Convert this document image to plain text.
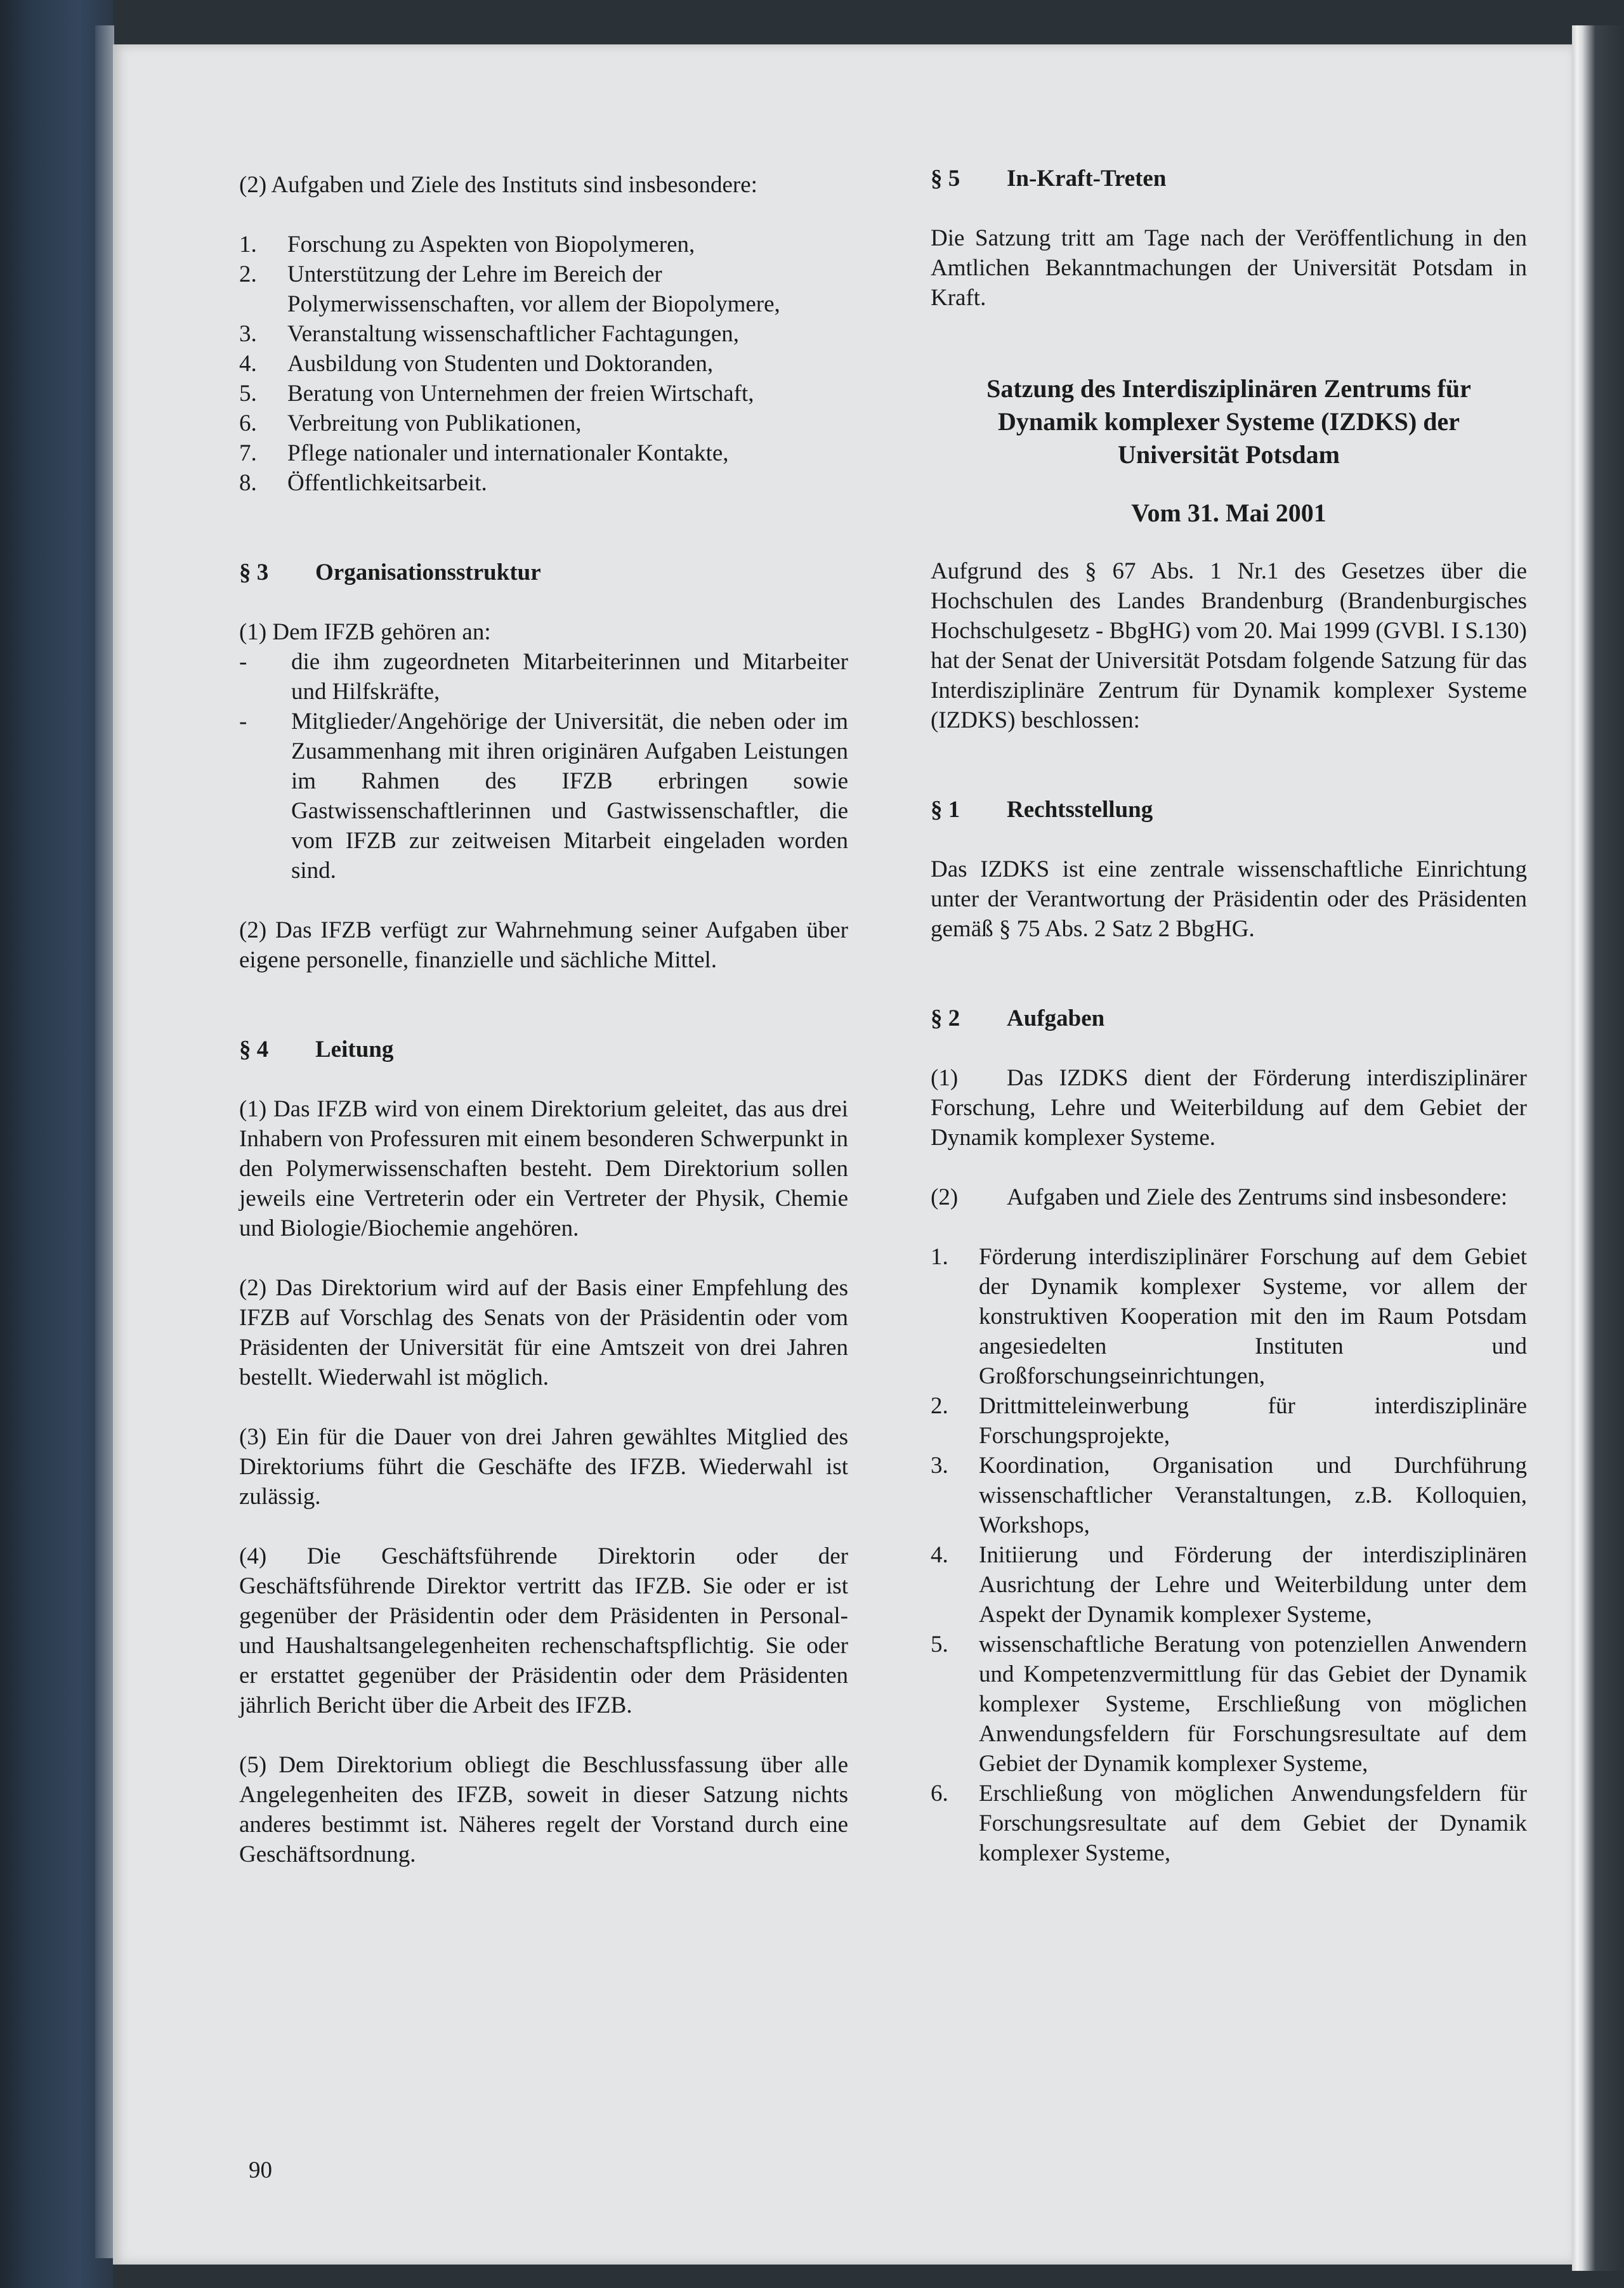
(2) Aufgaben und Ziele des Instituts sind insbesondere:

1.	Forschung zu Aspekten von Biopolymeren,
2.	Unterstützung der Lehre im Bereich der Polymerwissenschaften, vor allem der Biopolymere,
3.	Veranstaltung wissenschaftlicher Fachtagungen,
4.	Ausbildung von Studenten und Doktoranden,
5.	Beratung von Unternehmen der freien Wirtschaft,
6.	Verbreitung von Publikationen,
7.	Pflege nationaler und internationaler Kontakte,
8.	Öffentlichkeitsarbeit.
§ 3	Organisationsstruktur

(1) Dem IFZB gehören an:

-	die ihm zugeordneten Mitarbeiterinnen und Mitarbeiter und Hilfskräfte,
-	Mitglieder/Angehörige der Universität, die neben oder im Zusammenhang mit ihren originären Aufgaben Leistungen im Rahmen des IFZB erbringen sowie Gastwissenschaftlerinnen und Gastwissenschaftler, die vom IFZB zur zeitweisen Mitarbeit eingeladen worden sind.

(2) Das IFZB verfügt zur Wahrnehmung seiner Aufgaben über eigene personelle, finanzielle und sächliche Mittel.

§ 4	Leitung

(1) Das IFZB wird von einem Direktorium geleitet, das aus drei Inhabern von Professuren mit einem besonderen Schwerpunkt in den Polymerwissenschaften besteht. Dem Direktorium sollen jeweils eine Vertreterin oder ein Vertreter der Physik, Chemie und Biologie/Biochemie angehören.

(2) Das Direktorium wird auf der Basis einer Empfehlung des IFZB auf Vorschlag des Senats von der Präsidentin oder vom Präsidenten der Universität für eine Amtszeit von drei Jahren bestellt. Wiederwahl ist möglich.

(3) Ein für die Dauer von drei Jahren gewähltes Mitglied des Direktoriums führt die Geschäfte des IFZB. Wiederwahl ist zulässig.

(4) Die Geschäftsführende Direktorin oder der Geschäftsführende Direktor vertritt das IFZB. Sie oder er ist gegenüber der Präsidentin oder dem Präsidenten in Personal- und Haushaltsangelegenheiten rechenschaftspflichtig. Sie oder er erstattet gegenüber der Präsidentin oder dem Präsidenten jährlich Bericht über die Arbeit des IFZB.

(5) Dem Direktorium obliegt die Beschlussfassung über alle Angelegenheiten des IFZB, soweit in dieser Satzung nichts anderes bestimmt ist. Näheres regelt der Vorstand durch eine Geschäftsordnung.

§ 5	In-Kraft-Treten

Die Satzung tritt am Tage nach der Veröffentlichung in den Amtlichen Bekanntmachungen der Universität Potsdam in Kraft.

Satzung des Interdisziplinären Zentrums für
Dynamik komplexer Systeme (IZDKS) der
Universität Potsdam
Vom 31. Mai 2001

Aufgrund des § 67 Abs. 1 Nr.1 des Gesetzes über die Hochschulen des Landes Brandenburg (Brandenburgisches Hochschulgesetz - BbgHG) vom 20. Mai 1999 (GVBl. I S.130) hat der Senat der Universität Potsdam folgende Satzung für das Interdisziplinäre Zentrum für Dynamik komplexer Systeme (IZDKS) beschlossen:

§ 1	Rechtsstellung

Das IZDKS ist eine zentrale wissenschaftliche Einrichtung unter der Verantwortung der Präsidentin oder des Präsidenten gemäß § 75 Abs. 2 Satz 2 BbgHG.

§ 2	Aufgaben

(1) Das IZDKS dient der Förderung interdisziplinärer Forschung, Lehre und Weiterbildung auf dem Gebiet der Dynamik komplexer Systeme.

(2) Aufgaben und Ziele des Zentrums sind insbesondere:

1.	Förderung interdisziplinärer Forschung auf dem Gebiet der Dynamik komplexer Systeme, vor allem der konstruktiven Kooperation mit den im Raum Potsdam angesiedelten Instituten und Großforschungseinrichtungen,
2.	Drittmitteleinwerbung für interdisziplinäre Forschungsprojekte,
3.	Koordination, Organisation und Durchführung wissenschaftlicher Veranstaltungen, z.B. Kolloquien, Workshops,
4.	Initiierung und Förderung der interdisziplinären Ausrichtung der Lehre und Weiterbildung unter dem Aspekt der Dynamik komplexer Systeme,
5.	wissenschaftliche Beratung von potenziellen Anwendern und Kompetenzvermittlung für das Gebiet der Dynamik komplexer Systeme, Erschließung von möglichen Anwendungsfeldern für Forschungsresultate auf dem Gebiet der Dynamik komplexer Systeme,
6.	Erschließung von möglichen Anwendungsfeldern für Forschungsresultate auf dem Gebiet der Dynamik komplexer Systeme,
90
